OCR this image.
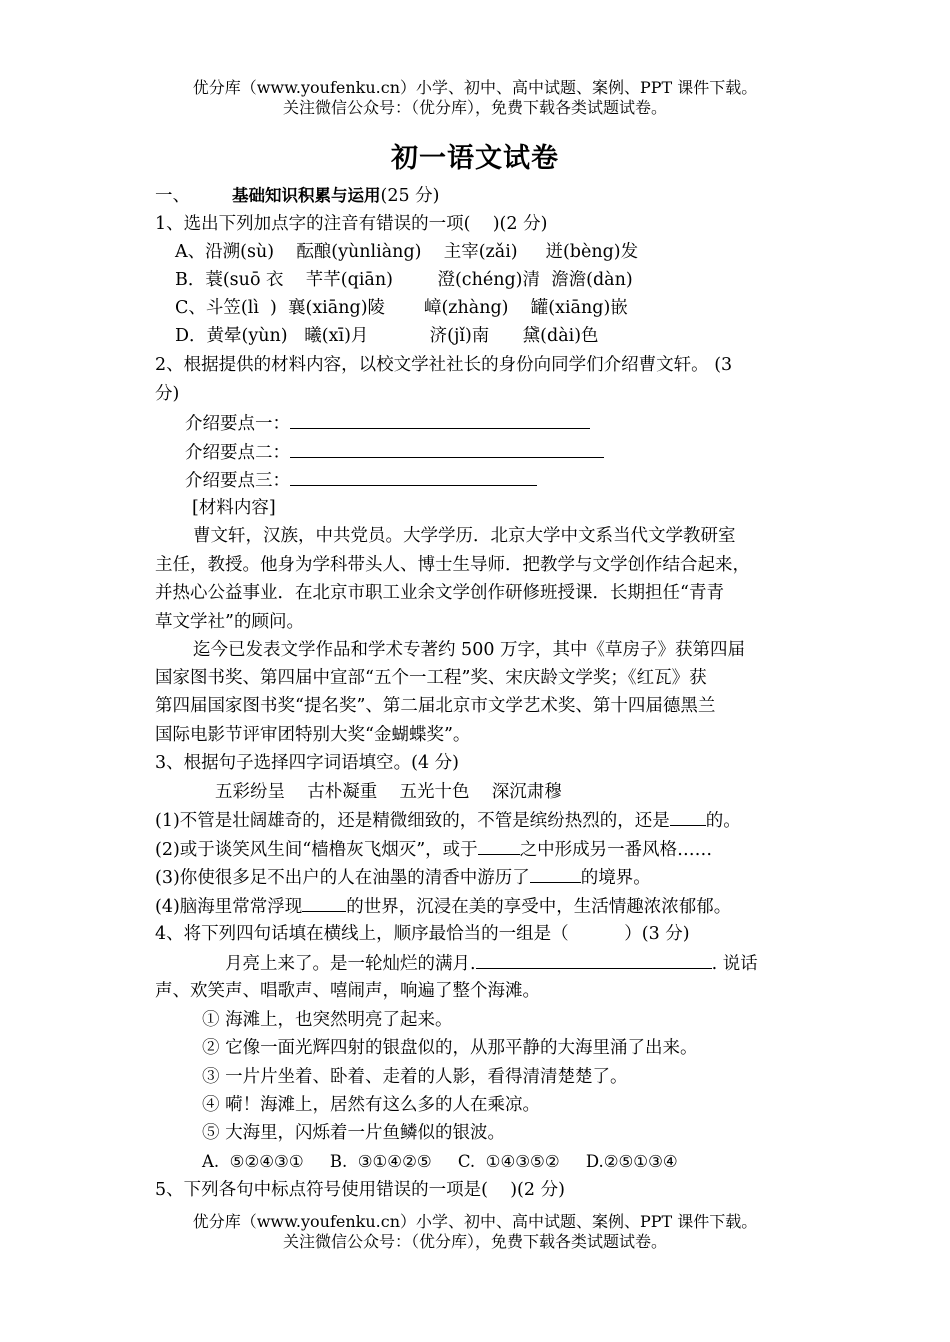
优分库（www.youfenku.cn）小学、初中、高中试题、案例、PPT 课件下载。
关注微信公众号：（优分库），免费下载各类试题试卷。
初一语文试卷
一、	基础知识积累与运用(25 分)
1、选出下列加点字的注音有错误的一项(    )(2 分)
A、沿溯(sù)    酝酿(yùnliàng)    主宰(zǎi)     迸(bèng)发
B．蓑(suō 衣    芊芊(qiān)        澄(chéng)清  澹澹(dàn)
C、斗笠(lì  )  襄(xiāng)陵       嶂(zhàng)    罐(xiāng)嵌
D．黄晕(yùn)   曦(xī)月           济(jǐ)南      黛(dài)色
2、根据提供的材料内容，以校文学社社长的身份向同学们介绍曹文轩。 (3
分)
介绍要点一：
介绍要点二：
介绍要点三：
[材料内容]
曹文轩，汉族，中共党员。大学学历．北京大学中文系当代文学教研室
主任，教授。他身为学科带头人、博士生导师．把教学与文学创作结合起来，
并热心公益事业．在北京市职工业余文学创作研修班授课．长期担任“青青
草文学社”的顾问。
迄今已发表文学作品和学术专著约 500 万字，其中《草房子》获第四届
国家图书奖、第四届中宣部“五个一工程”奖、宋庆龄文学奖；《红瓦》获
第四届国家图书奖“提名奖”、第二届北京市文学艺术奖、第十四届德黑兰
国际电影节评审团特别大奖“金蝴蝶奖”。
3、根据句子选择四字词语填空。(4 分)
五彩纷呈    古朴凝重    五光十色    深沉肃穆
(1)不管是壮阔雄奇的，还是精微细致的，不管是缤纷热烈的，还是 的。
(2)或于谈笑风生间“樯橹灰飞烟灭”，或于 之中形成另一番风格……
(3)你使很多足不出户的人在油墨的清香中游历了	的境界。
(4)脑海里常常浮现	的世界，沉浸在美的享受中，生活情趣浓浓郁郁。
4、将下列四句话填在横线上，顺序最恰当的一组是（          ）(3 分)
月亮上来了。是一轮灿烂的满月.	. 说话
声、欢笑声、唱歌声、嘻闹声，响遍了整个海滩。
① 海滩上，也突然明亮了起来。
② 它像一面光辉四射的银盘似的，从那平静的大海里涌了出来。
③ 一片片坐着、卧着、走着的人影，看得清清楚楚了。
④ 嗬！海滩上，居然有这么多的人在乘凉。
⑤ 大海里，闪烁着一片鱼鳞似的银波。
A.  ⑤②④③①     B.  ③①④②⑤     C.  ①④③⑤②     D.②⑤①③④
5、下列各句中标点符号使用错误的一项是(    )(2 分)
优分库（www.youfenku.cn）小学、初中、高中试题、案例、PPT 课件下载。
关注微信公众号：（优分库），免费下载各类试题试卷。
